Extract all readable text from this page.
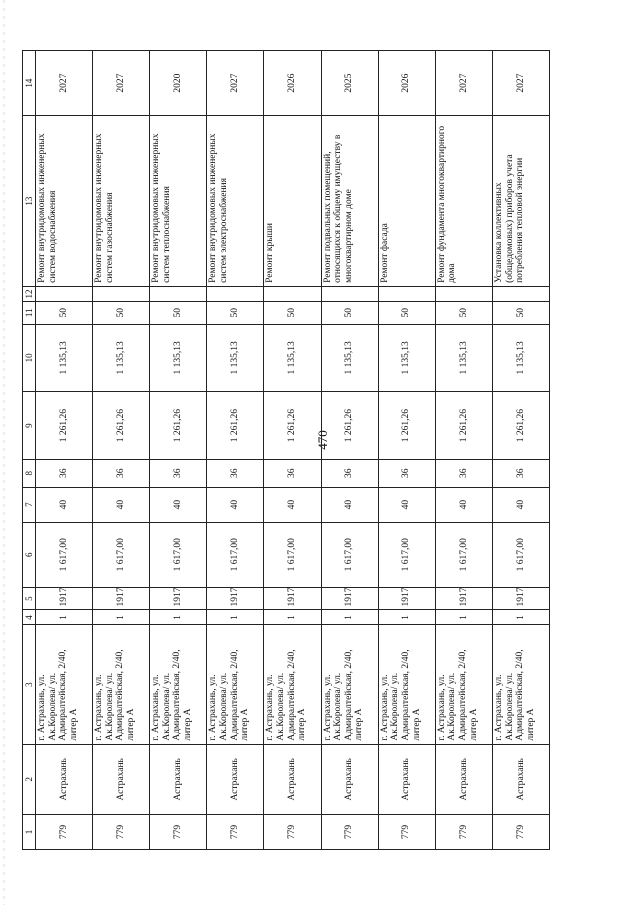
470
1	2	3	4	5	6	7	8	9	10	11	12	13	14
779	Астрахань	г. Астрахань, ул. Ак.Королева/ ул. Адмиралтейская, 2/40, литер А	1	1917	1 617,00	40	36	1 261,26	1 135,13	50		Ремонт внутридомовых инженерных систем водоснабжения	2027
779	Астрахань	г. Астрахань, ул. Ак.Королева/ ул. Адмиралтейская, 2/40, литер А	1	1917	1 617,00	40	36	1 261,26	1 135,13	50		Ремонт внутридомовых инженерных систем газоснабжения	2027
779	Астрахань	г. Астрахань, ул. Ак.Королева/ ул. Адмиралтейская, 2/40, литер А	1	1917	1 617,00	40	36	1 261,26	1 135,13	50		Ремонт внутридомовых инженерных систем теплоснабжения	2020
779	Астрахань	г. Астрахань, ул. Ак.Королева/ ул. Адмиралтейская, 2/40, литер А	1	1917	1 617,00	40	36	1 261,26	1 135,13	50		Ремонт внутридомовых инженерных систем электроснабжения	2027
779	Астрахань	г. Астрахань, ул. Ак.Королева/ ул. Адмиралтейская, 2/40, литер А	1	1917	1 617,00	40	36	1 261,26	1 135,13	50		Ремонт крыши	2026
779	Астрахань	г. Астрахань, ул. Ак.Королева/ ул. Адмиралтейская, 2/40, литер А	1	1917	1 617,00	40	36	1 261,26	1 135,13	50		Ремонт подвальных помещений, относящихся к общему имуществу в многоквартирном доме	2025
779	Астрахань	г. Астрахань, ул. Ак.Королева/ ул. Адмиралтейская, 2/40, литер А	1	1917	1 617,00	40	36	1 261,26	1 135,13	50		Ремонт фасада	2026
779	Астрахань	г. Астрахань, ул. Ак.Королева/ ул. Адмиралтейская, 2/40, литер А	1	1917	1 617,00	40	36	1 261,26	1 135,13	50		Ремонт фундамента многоквартирного дома	2027
779	Астрахань	г. Астрахань, ул. Ак.Королева/ ул. Адмиралтейская, 2/40, литер А	1	1917	1 617,00	40	36	1 261,26	1 135,13	50		Установка коллективных (общедомовых) приборов учета потребления тепловой энергии	2027
